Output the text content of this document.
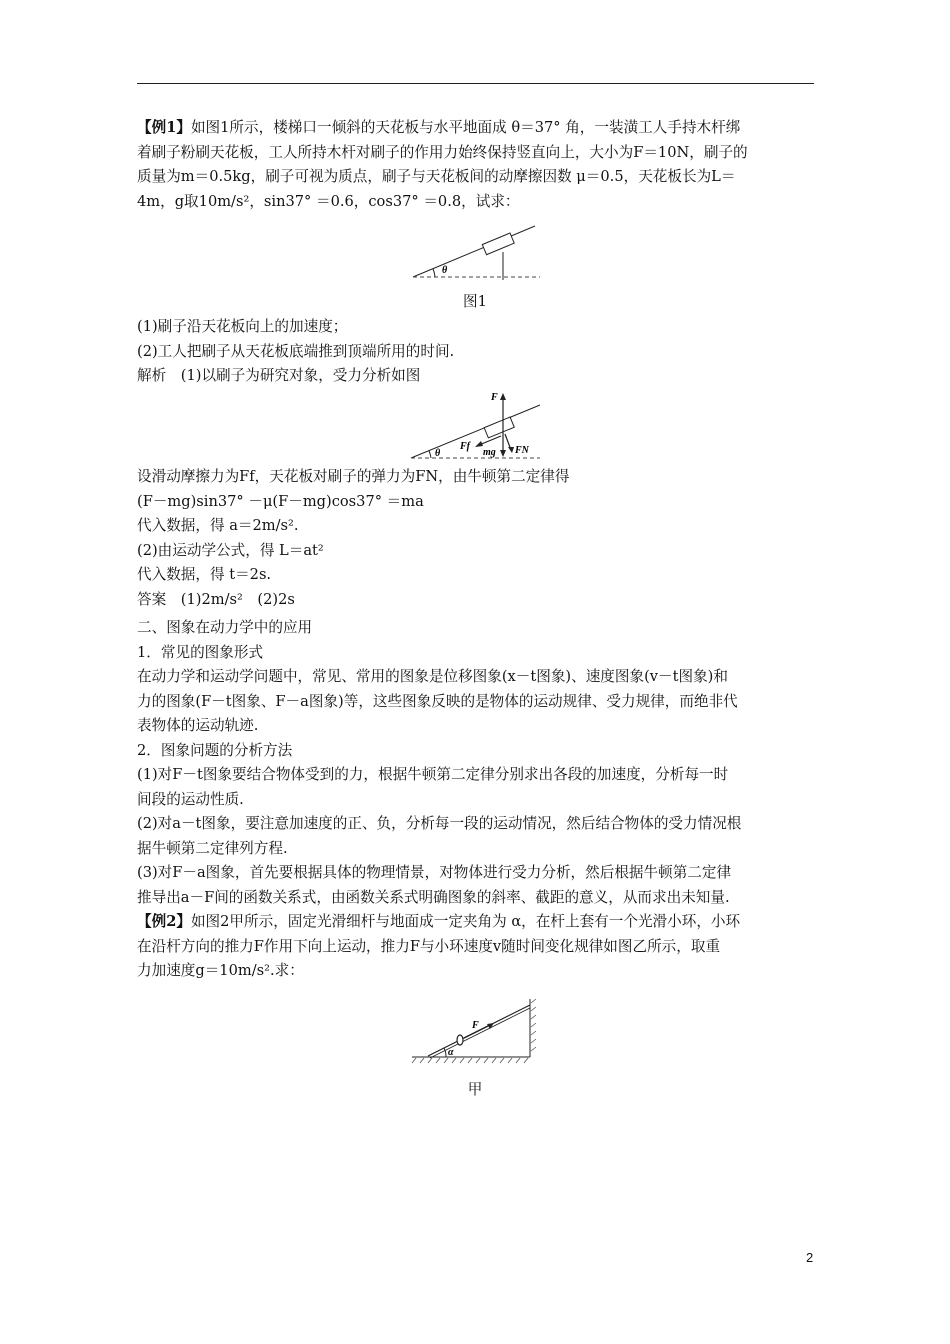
【例1】如图1所示，楼梯口一倾斜的天花板与水平地面成 θ＝37° 角，一装潢工人手持木杆绑
着刷子粉刷天花板，工人所持木杆对刷子的作用力始终保持竖直向上，大小为F＝10N，刷子的
质量为m＝0.5kg，刷子可视为质点，刷子与天花板间的动摩擦因数 μ＝0.5，天花板长为L＝
4m，g取10m/s²，sin37° ＝0.6，cos37° ＝0.8，试求：
θ
图1
(1)刷子沿天花板向上的加速度；
(2)工人把刷子从天花板底端推到顶端所用的时间.
解析　(1)以刷子为研究对象，受力分析如图
θ
F
Ff
mg FN
设滑动摩擦力为Ff，天花板对刷子的弹力为FN，由牛顿第二定律得
(F－mg)sin37° －μ(F－mg)cos37° ＝ma
代入数据，得 a＝2m/s².
(2)由运动学公式，得 L＝at²
代入数据，得 t＝2s.
答案　(1)2m/s²　(2)2s
二、图象在动力学中的应用
1．常见的图象形式
在动力学和运动学问题中，常见、常用的图象是位移图象(x－t图象)、速度图象(v－t图象)和
力的图象(F－t图象、F－a图象)等，这些图象反映的是物体的运动规律、受力规律，而绝非代
表物体的运动轨迹.
2．图象问题的分析方法
(1)对F－t图象要结合物体受到的力，根据牛顿第二定律分别求出各段的加速度，分析每一时
间段的运动性质.
(2)对a－t图象，要注意加速度的正、负，分析每一段的运动情况，然后结合物体的受力情况根
据牛顿第二定律列方程.
(3)对F－a图象，首先要根据具体的物理情景，对物体进行受力分析，然后根据牛顿第二定律
推导出a－F间的函数关系式，由函数关系式明确图象的斜率、截距的意义，从而求出未知量.
【例2】如图2甲所示，固定光滑细杆与地面成一定夹角为 α，在杆上套有一个光滑小环，小环
在沿杆方向的推力F作用下向上运动，推力F与小环速度v随时间变化规律如图乙所示，取重
力加速度g＝10m/s².求：
F
α
甲
2
